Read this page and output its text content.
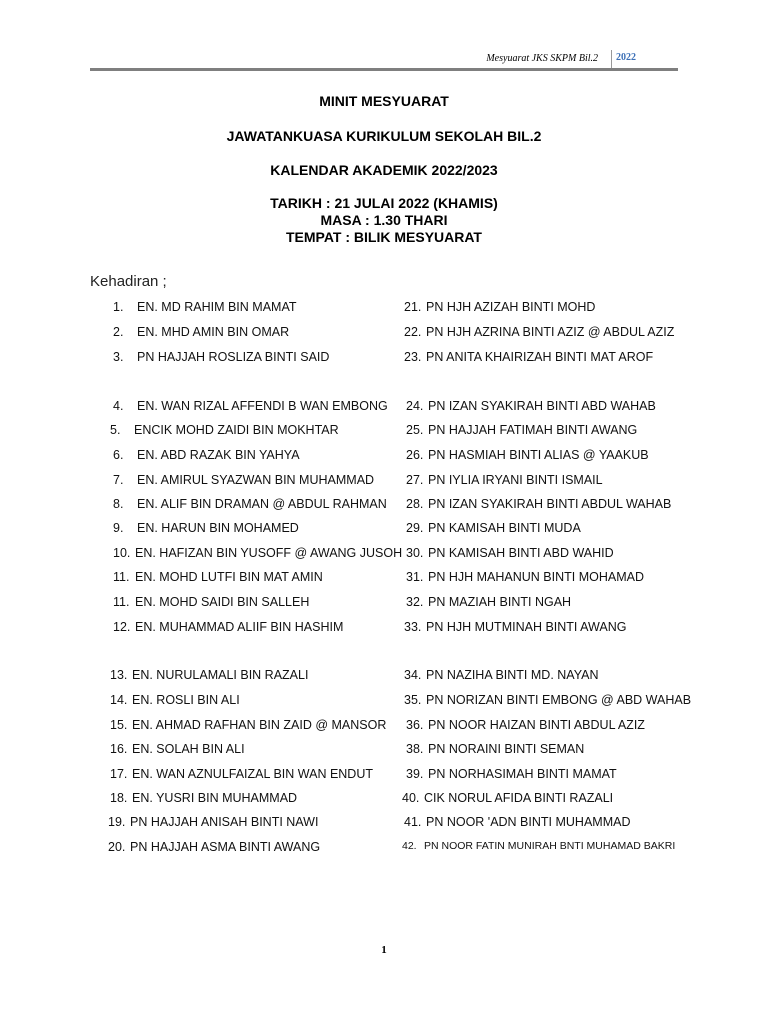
Mesyuarat JKS SKPM Bil.2 2022
MINIT MESYUARAT
JAWATANKUASA KURIKULUM SEKOLAH BIL.2
KALENDAR AKADEMIK 2022/2023
TARIKH : 21 JULAI 2022 (KHAMIS)
MASA : 1.30 THARI
TEMPAT : BILIK MESYUARAT
Kehadiran ;
1. EN. MD RAHIM BIN MAMAT
2. EN. MHD AMIN BIN OMAR
3. PN HAJJAH ROSLIZA BINTI SAID
4. EN. WAN RIZAL AFFENDI B WAN EMBONG
5. ENCIK MOHD ZAIDI BIN MOKHTAR
6. EN. ABD RAZAK BIN YAHYA
7. EN. AMIRUL SYAZWAN BIN MUHAMMAD
8. EN. ALIF BIN DRAMAN @ ABDUL RAHMAN
9. EN. HARUN BIN MOHAMED
10. EN. HAFIZAN BIN YUSOFF @ AWANG JUSOH
11. EN. MOHD LUTFI BIN MAT AMIN
11. EN. MOHD SAIDI BIN SALLEH
12. EN. MUHAMMAD ALIIF BIN HASHIM
13. EN. NURULAMALI BIN RAZALI
14. EN. ROSLI BIN ALI
15. EN. AHMAD RAFHAN BIN ZAID @ MANSOR
16. EN. SOLAH BIN ALI
17. EN. WAN AZNULFAIZAL BIN WAN ENDUT
18. EN. YUSRI BIN MUHAMMAD
19. PN HAJJAH ANISAH BINTI NAWI
20. PN HAJJAH ASMA BINTI AWANG
21. PN HJH AZIZAH BINTI MOHD
22. PN HJH AZRINA BINTI AZIZ @ ABDUL AZIZ
23. PN ANITA KHAIRIZAH BINTI MAT AROF
24. PN IZAN SYAKIRAH BINTI ABD WAHAB
25. PN HAJJAH FATIMAH BINTI AWANG
26. PN HASMIAH BINTI ALIAS @ YAAKUB
27. PN IYLIA IRYANI BINTI ISMAIL
28. PN IZAN SYAKIRAH BINTI ABDUL WAHAB
29. PN KAMISAH BINTI MUDA
30. PN KAMISAH BINTI ABD WAHID
31. PN HJH MAHANUN BINTI MOHAMAD
32. PN MAZIAH BINTI NGAH
33. PN HJH MUTMINAH BINTI AWANG
34. PN NAZIHA BINTI MD. NAYAN
35. PN NORIZAN BINTI EMBONG @ ABD WAHAB
36. PN NOOR HAIZAN BINTI ABDUL AZIZ
38. PN NORAINI BINTI SEMAN
39. PN NORHASIMAH BINTI MAMAT
40. CIK NORUL AFIDA BINTI RAZALI
41. PN NOOR 'ADN BINTI MUHAMMAD
42. PN NOOR FATIN MUNIRAH BNTI MUHAMAD BAKRI
1
